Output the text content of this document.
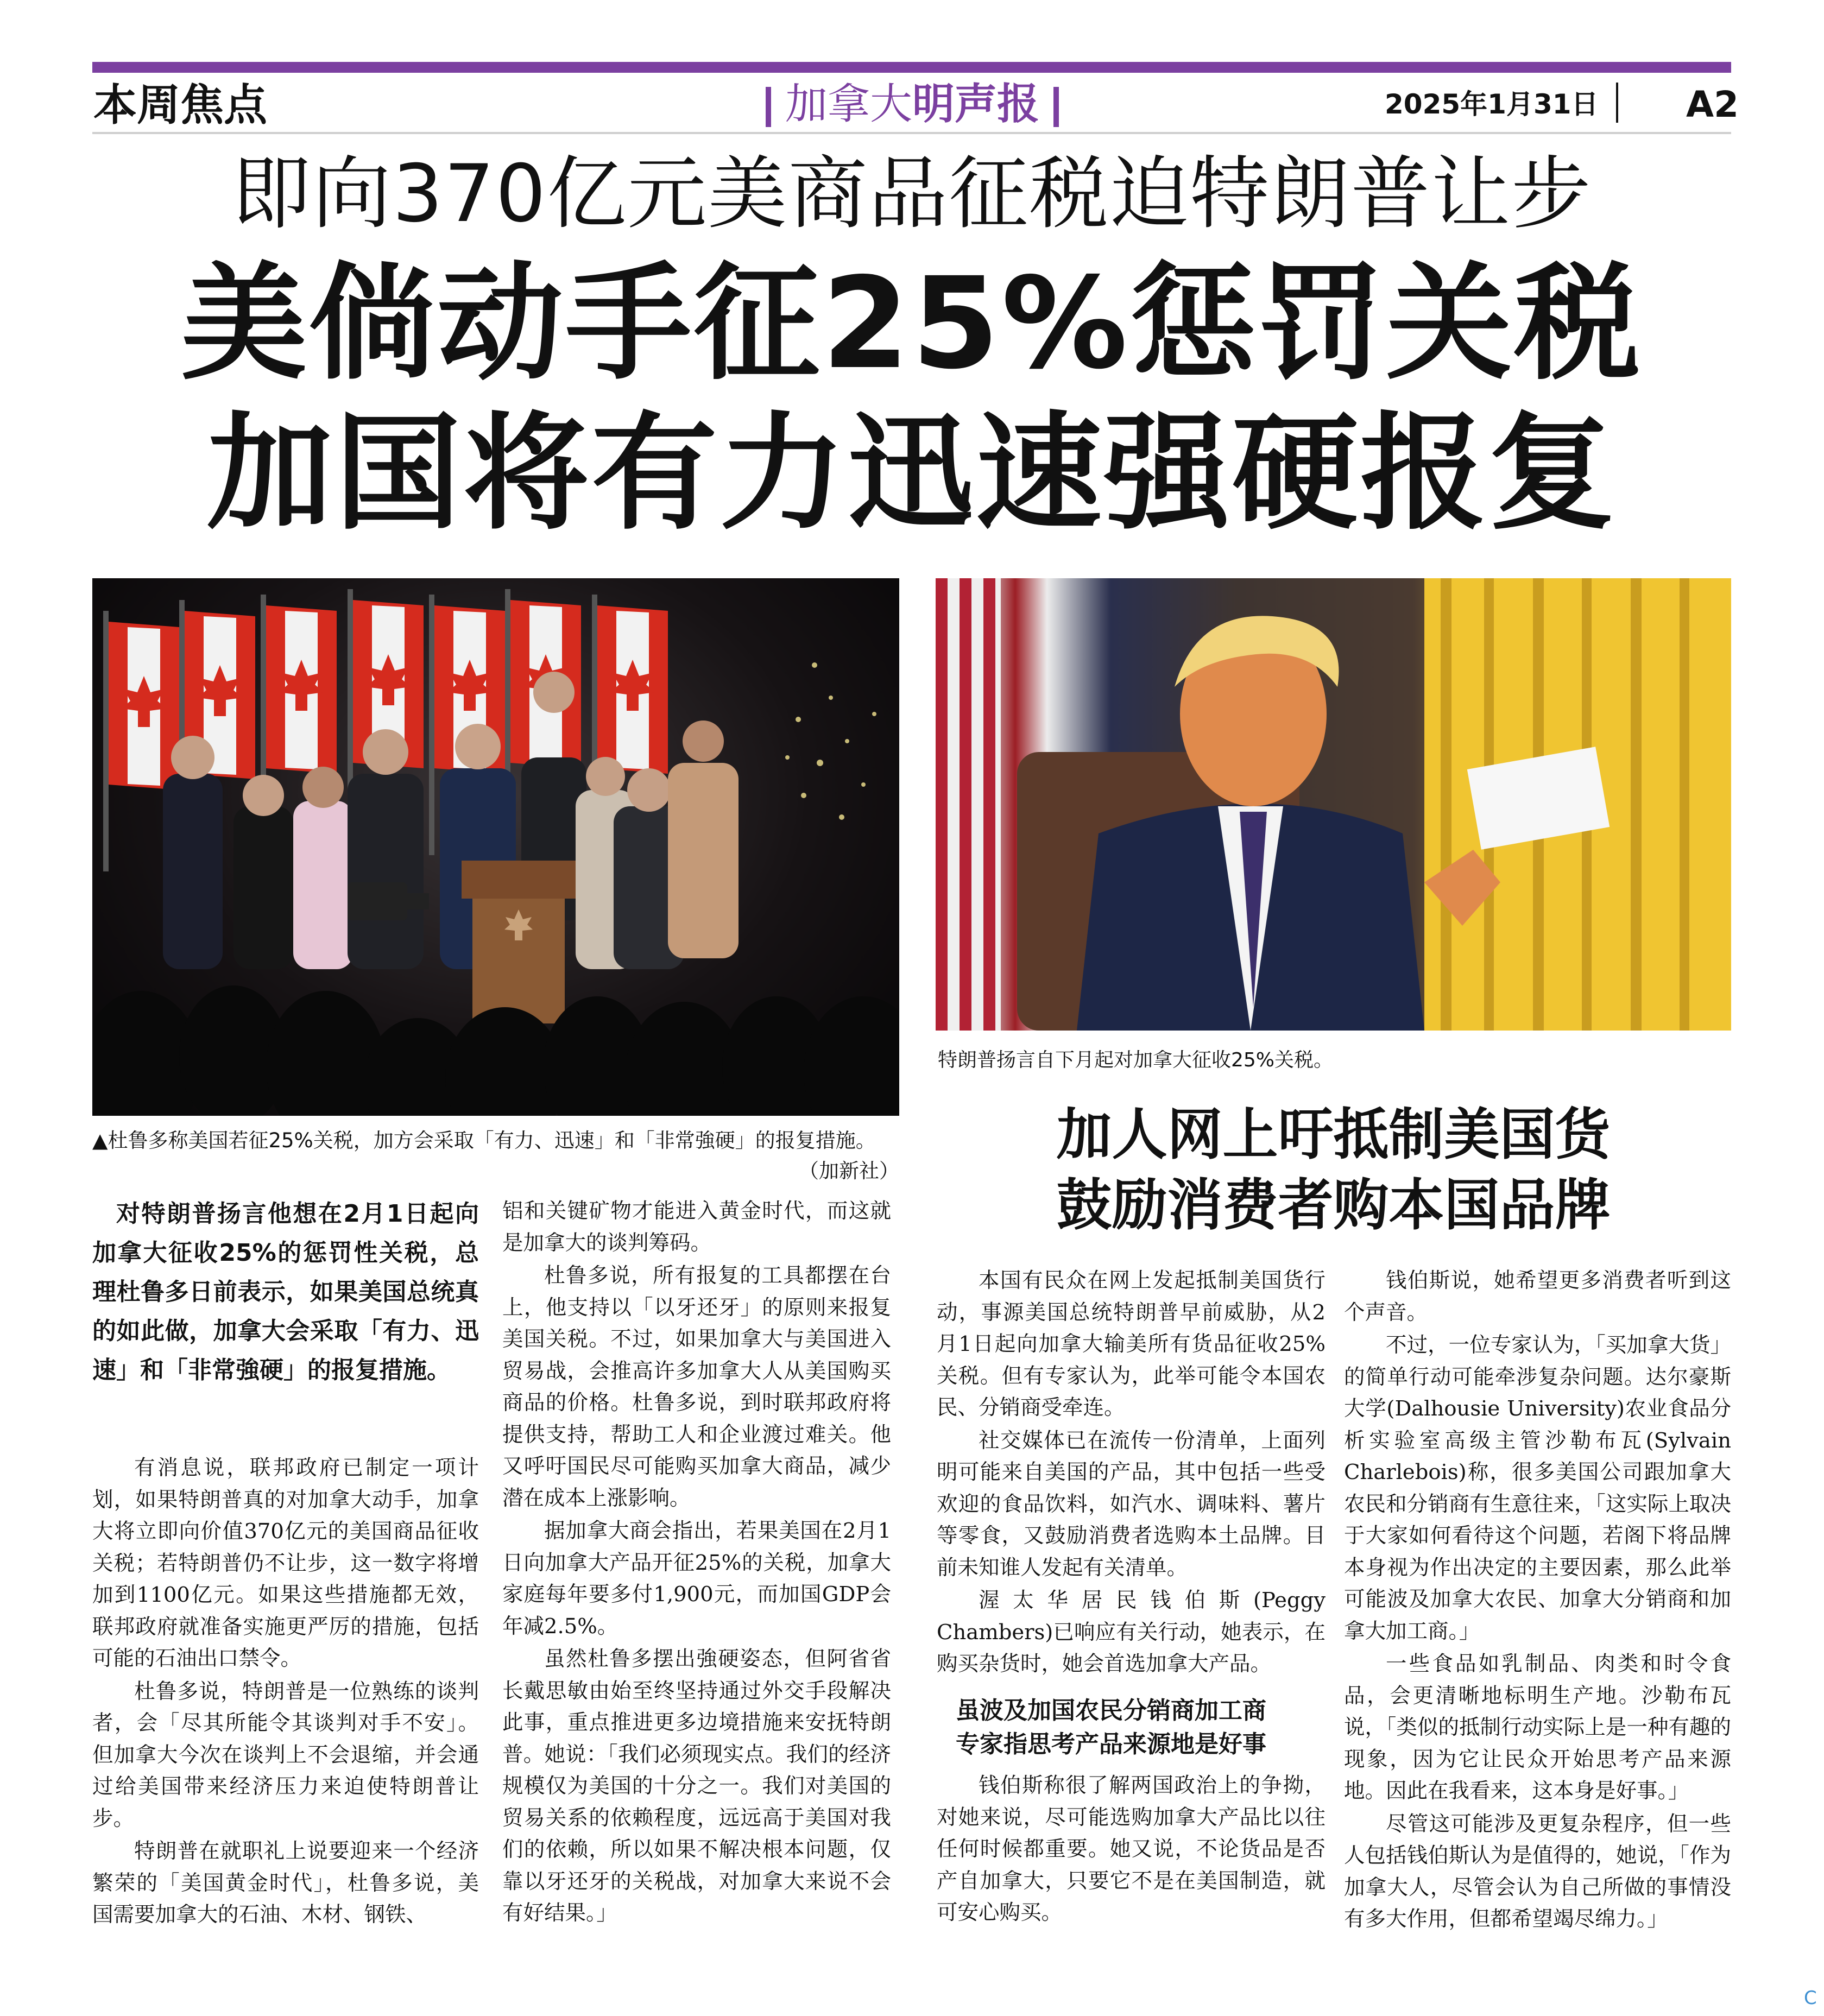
本周焦点	加拿大明声报	2025年1月31日 A2
即向370亿元美商品征税迫特朗普让步
美倘动手征25%惩罚关税
加国将有力迅速强硬报复
▲杜鲁多称美国若征25%关税，加方会采取「有力、迅速」和「非常強硬」的报复措施。
（加新社）
特朗普扬言自下月起对加拿大征收25%关税。
加人网上吁抵制美国货
鼓励消费者购本国品牌

对特朗普扬言他想在2月1日起向加拿大征收25%的惩罚性关税，总理杜鲁多日前表示，如果美国总统真的如此做，加拿大会采取「有力、迅速」和「非常強硬」的报复措施。

有消息说，联邦政府已制定一项计划，如果特朗普真的对加拿大动手，加拿大将立即向价值370亿元的美国商品征收关税；若特朗普仍不让步，这一数字将增加到1100亿元。如果这些措施都无效，联邦政府就准备实施更严厉的措施，包括可能的石油出口禁令。

杜鲁多说，特朗普是一位熟练的谈判者，会「尽其所能令其谈判对手不安」。但加拿大今次在谈判上不会退缩，并会通过给美国带来经济压力来迫使特朗普让步。

特朗普在就职礼上说要迎来一个经济繁荣的「美国黄金时代」，杜鲁多说，美国需要加拿大的石油、木材、钢铁、

铝和关键矿物才能进入黄金时代，而这就是加拿大的谈判筹码。

杜鲁多说，所有报复的工具都摆在台上，他支持以「以牙还牙」的原则来报复美国关税。不过，如果加拿大与美国进入贸易战，会推高许多加拿大人从美国购买商品的价格。杜鲁多说，到时联邦政府将提供支持，帮助工人和企业渡过难关。他又呼吁国民尽可能购买加拿大商品，减少潜在成本上涨影响。

据加拿大商会指出，若果美国在2月1日向加拿大产品开征25%的关税，加拿大家庭每年要多付1,900元，而加国GDP会年减2.5%。

虽然杜鲁多摆出強硬姿态，但阿省省长戴思敏由始至终坚持通过外交手段解决此事，重点推进更多边境措施来安抚特朗普。她说：「我们必须现实点。我们的经济规模仅为美国的十分之一。我们对美国的贸易关系的依赖程度，远远高于美国对我们的依赖，所以如果不解决根本问题，仅靠以牙还牙的关税战，对加拿大来说不会有好结果。」

本国有民众在网上发起抵制美国货行动，事源美国总统特朗普早前威胁，从2月1日起向加拿大输美所有货品征收25%关税。但有专家认为，此举可能令本国农民、分销商受牵连。

社交媒体已在流传一份清单，上面列明可能来自美国的产品，其中包括一些受欢迎的食品饮料，如汽水、调味料、薯片等零食，又鼓励消费者选购本土品牌。目前未知谁人发起有关清单。

渥太华居民钱伯斯(Peggy Chambers)已响应有关行动，她表示，在购买杂货时，她会首选加拿大产品。

虽波及加国农民分销商加工商
专家指思考产品来源地是好事

钱伯斯称很了解两国政治上的争拗，对她来说，尽可能选购加拿大产品比以往任何时候都重要。她又说，不论货品是否产自加拿大，只要它不是在美国制造，就可安心购买。

钱伯斯说，她希望更多消费者听到这个声音。

不过，一位专家认为，「买加拿大货」的简单行动可能牵涉复杂问题。达尔豪斯大学(Dalhousie University)农业食品分析实验室高级主管沙勒布瓦(Sylvain Charlebois)称，很多美国公司跟加拿大农民和分销商有生意往来，「这实际上取决于大家如何看待这个问题，若阁下将品牌本身视为作出决定的主要因素，那么此举可能波及加拿大农民、加拿大分销商和加拿大加工商。」

一些食品如乳制品、肉类和时令食品，会更清晰地标明生产地。沙勒布瓦说，「类似的抵制行动实际上是一种有趣的现象，因为它让民众开始思考产品来源地。因此在我看来，这本身是好事。」

尽管这可能涉及更复杂程序，但一些人包括钱伯斯认为是值得的，她说，「作为加拿大人，尽管会认为自己所做的事情没有多大作用，但都希望竭尽绵力。」

C
